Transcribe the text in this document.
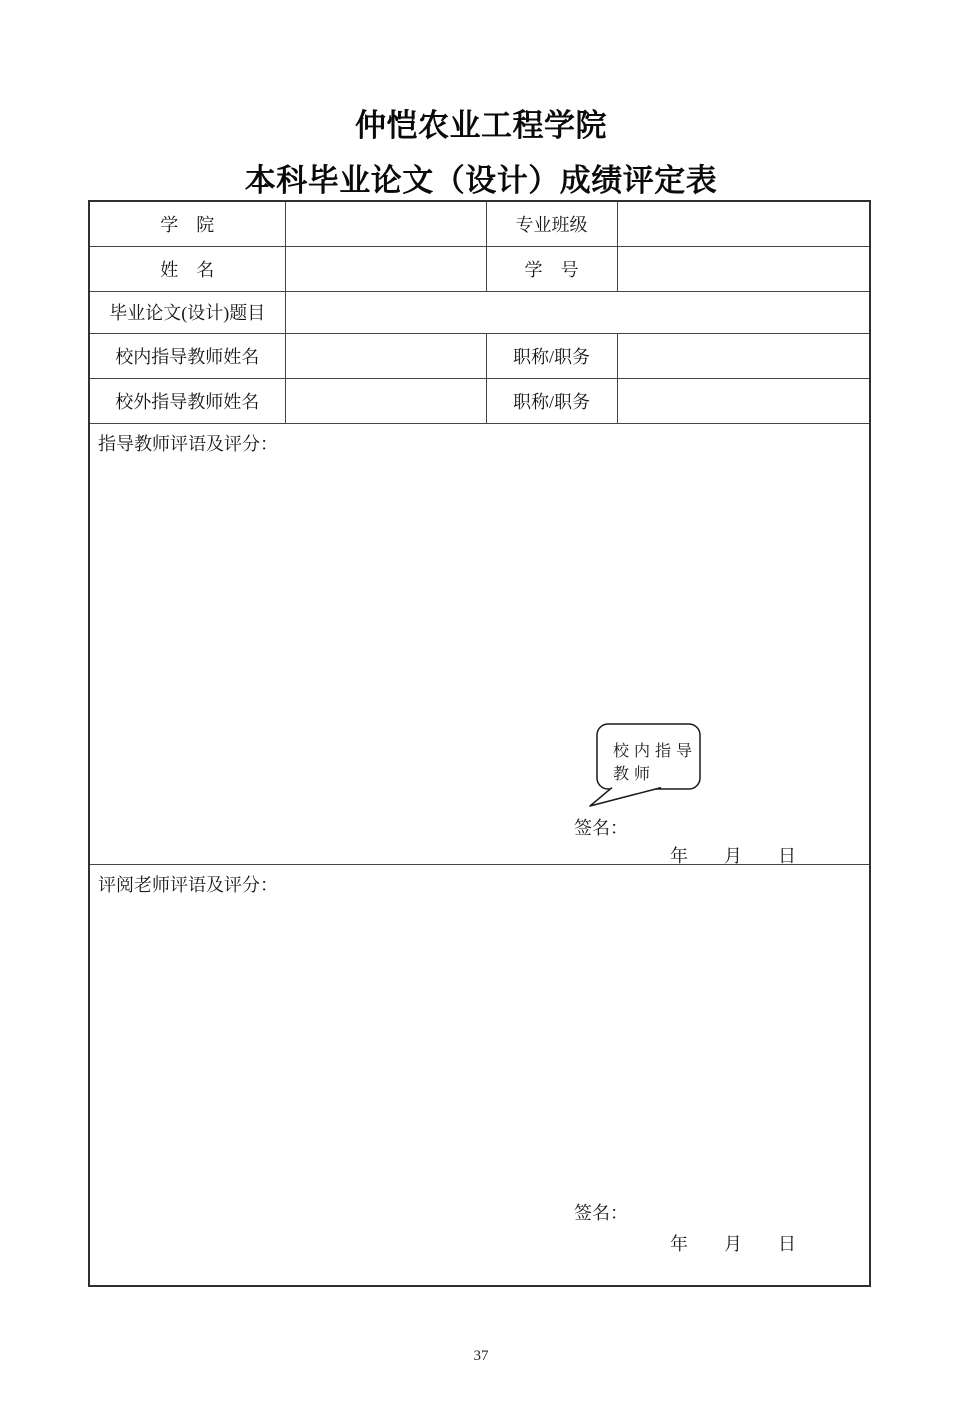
仲恺农业工程学院
本科毕业论文（设计）成绩评定表
学　院		专业班级	
姓　名		学　号	
毕业论文(设计)题目			
校内指导教师姓名		职称/职务	
校外指导教师姓名		职称/职务	

指导教师评语及评分：
校内指导
教师
签名：
年　　月　　日			

评阅老师评语及评分：
签名：
年　　月　　日			
37
